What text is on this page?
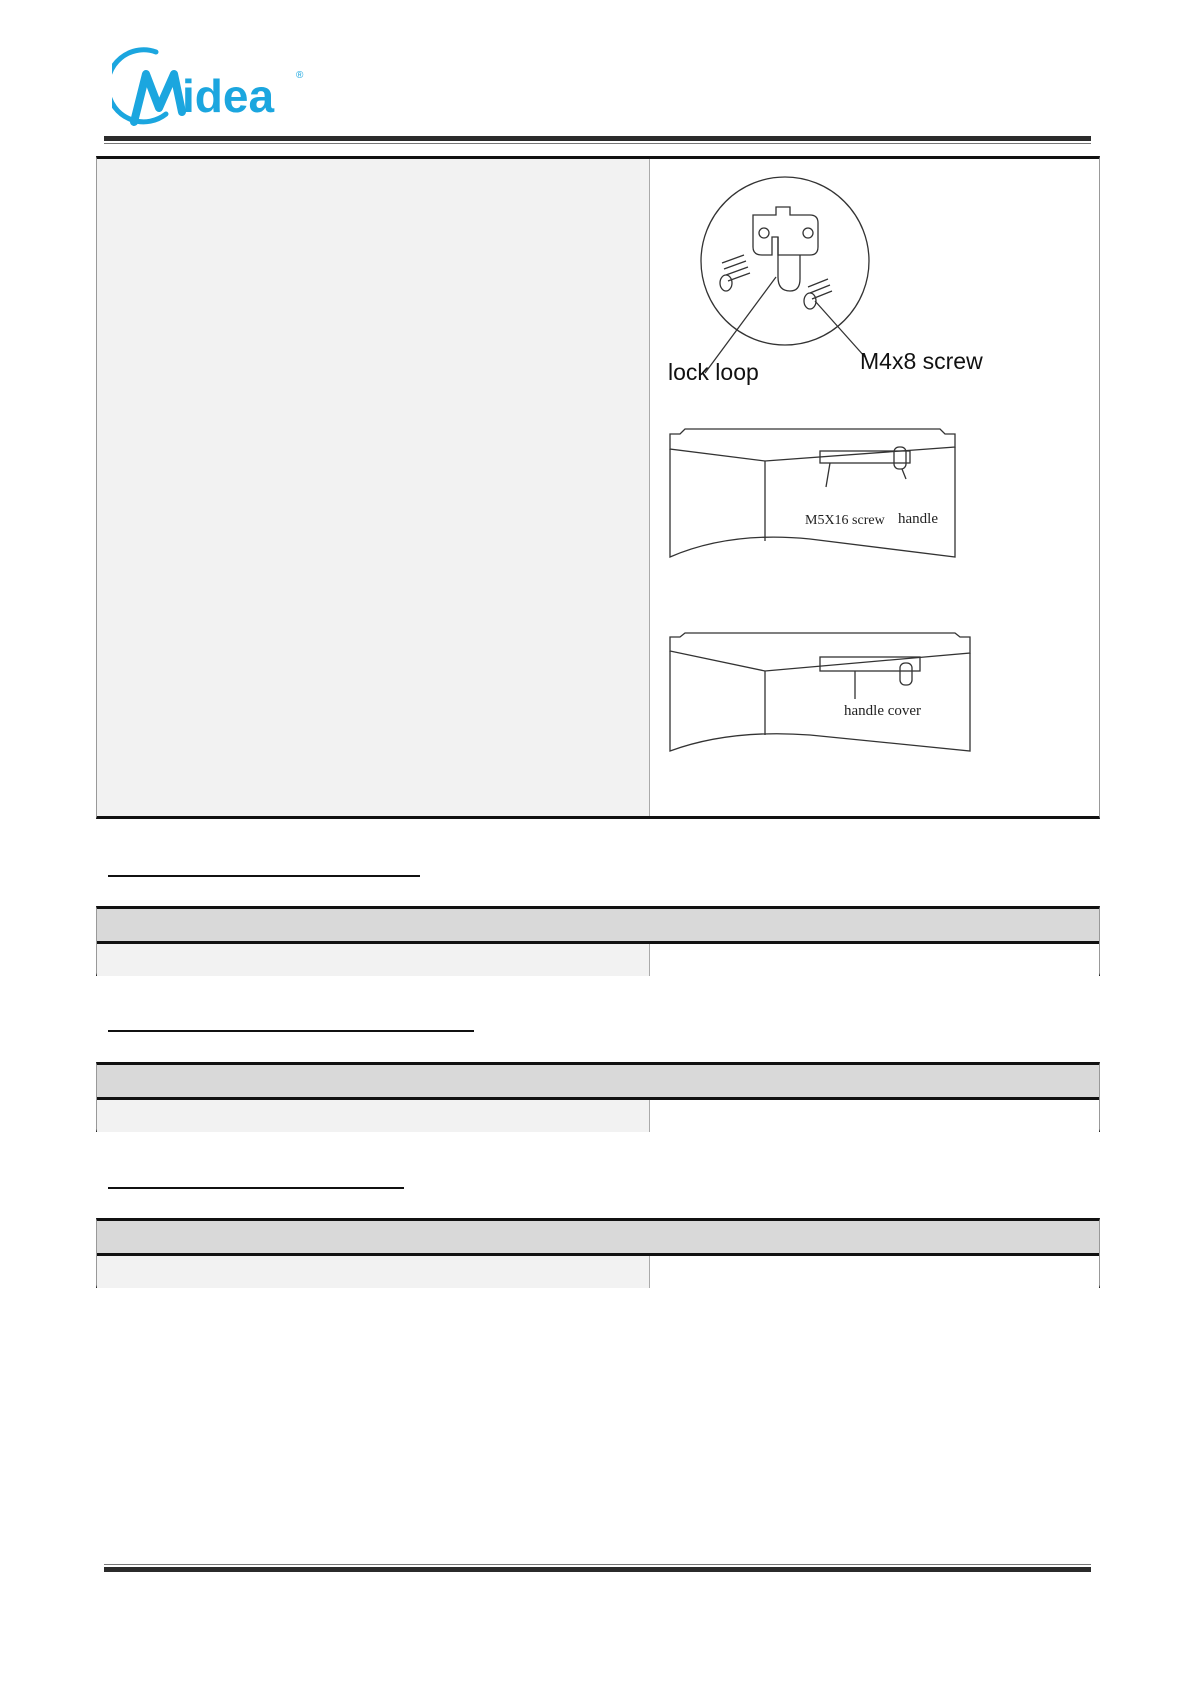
idea ®
lock loop	M4x8 screw
M5X16 screw handle
handle cover
